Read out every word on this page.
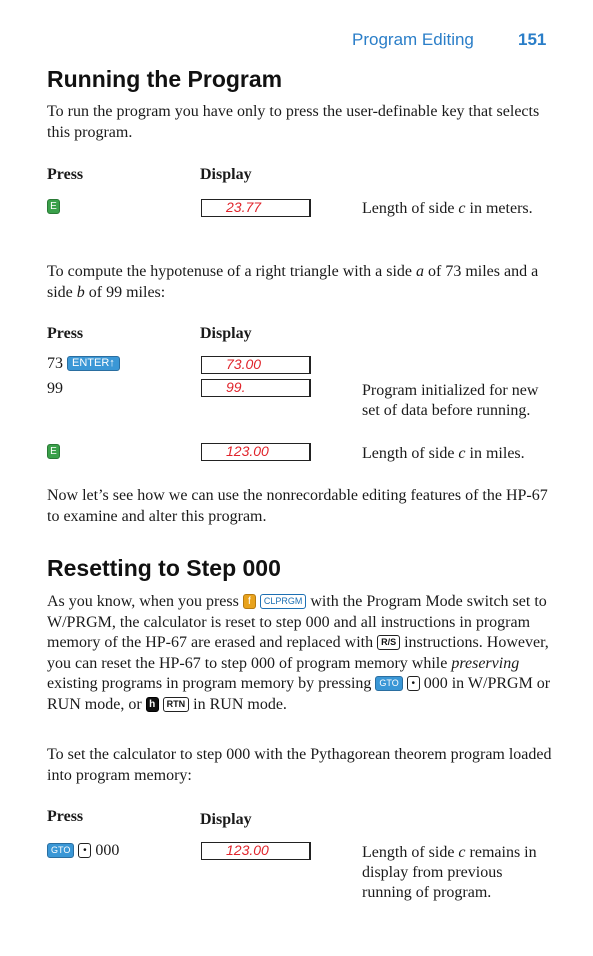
Program Editing	151
Running the Program
To run the program you have only to press the user-definable key that selects this program.
Press	Display
E	23.77	Length of side c in meters.
To compute the hypotenuse of a right triangle with a side a of 73 miles and a side b of 99 miles:
Press	Display
73 ENTER↑	73.00
99	99.	Program initialized for new set of data before running.
E	123.00	Length of side c in miles.
Now let’s see how we can use the nonrecordable editing features of the HP-67 to examine and alter this program.
Resetting to Step 000
As you know, when you press f CLPRGM with the Program Mode switch set to W/PRGM, the calculator is reset to step 000 and all instructions in program memory of the HP-67 are erased and replaced with R/S instructions. However, you can reset the HP-67 to step 000 of program memory while preserving existing programs in program memory by pressing GTO • 000 in W/PRGM or RUN mode, or h RTN in RUN mode.
To set the calculator to step 000 with the Pythagorean theorem program loaded into program memory:
Press	Display
GTO • 000	123.00	Length of side c remains in display from previous running of program.
